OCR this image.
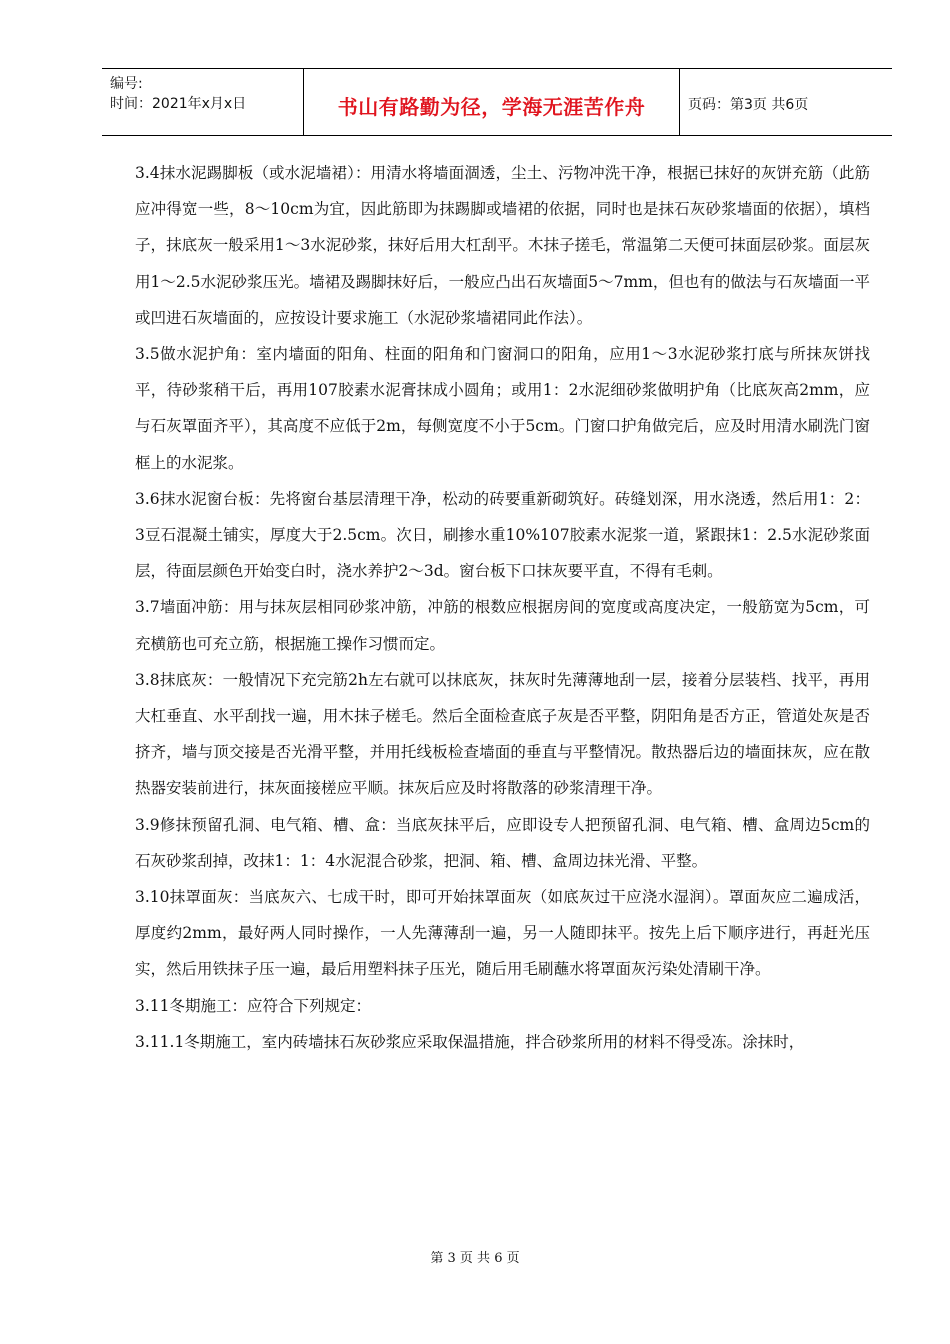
编号:
时间：2021年x月x日	书山有路勤为径，学海无涯苦作舟	页码：第3页 共6页

3.4抹水泥踢脚板（或水泥墙裙）：用清水将墙面涸透，尘土、污物冲洗干净，根据已抹好的灰饼充筋（此筋应冲得宽一些，8～10cm为宜，因此筋即为抹踢脚或墙裙的依据，同时也是抹石灰砂浆墙面的依据），填档子，抹底灰一般采用1～3水泥砂浆，抹好后用大杠刮平。木抹子搓毛，常温第二天便可抹面层砂浆。面层灰用1～2.5水泥砂浆压光。墙裙及踢脚抹好后，一般应凸出石灰墙面5～7mm，但也有的做法与石灰墙面一平或凹进石灰墙面的，应按设计要求施工（水泥砂浆墙裙同此作法）。

3.5做水泥护角：室内墙面的阳角、柱面的阳角和门窗洞口的阳角，应用1～3水泥砂浆打底与所抹灰饼找平，待砂浆稍干后，再用107胶素水泥膏抹成小圆角；或用1：2水泥细砂浆做明护角（比底灰高2mm，应与石灰罩面齐平），其高度不应低于2m，每侧宽度不小于5cm。门窗口护角做完后，应及时用清水刷洗门窗框上的水泥浆。

3.6抹水泥窗台板：先将窗台基层清理干净，松动的砖要重新砌筑好。砖缝划深，用水浇透，然后用1：2：3豆石混凝土铺实，厚度大于2.5cm。次日，刷掺水重10%107胶素水泥浆一道，紧跟抹1：2.5水泥砂浆面层，待面层颜色开始变白时，浇水养护2～3d。窗台板下口抹灰要平直，不得有毛刺。

3.7墙面冲筋：用与抹灰层相同砂浆冲筋，冲筋的根数应根据房间的宽度或高度决定，一般筋宽为5cm，可充横筋也可充立筋，根据施工操作习惯而定。

3.8抹底灰：一般情况下充完筋2h左右就可以抹底灰，抹灰时先薄薄地刮一层，接着分层装档、找平，再用大杠垂直、水平刮找一遍，用木抹子槎毛。然后全面检查底子灰是否平整，阴阳角是否方正，管道处灰是否挤齐，墙与顶交接是否光滑平整，并用托线板检查墙面的垂直与平整情况。散热器后边的墙面抹灰，应在散热器安装前进行，抹灰面接槎应平顺。抹灰后应及时将散落的砂浆清理干净。

3.9修抹预留孔洞、电气箱、槽、盒：当底灰抹平后，应即设专人把预留孔洞、电气箱、槽、盒周边5cm的石灰砂浆刮掉，改抹1：1：4水泥混合砂浆，把洞、箱、槽、盒周边抹光滑、平整。

3.10抹罩面灰：当底灰六、七成干时，即可开始抹罩面灰（如底灰过干应浇水湿润）。罩面灰应二遍成活，厚度约2mm，最好两人同时操作，一人先薄薄刮一遍，另一人随即抹平。按先上后下顺序进行，再赶光压实，然后用铁抹子压一遍，最后用塑料抹子压光，随后用毛刷蘸水将罩面灰污染处清刷干净。

3.11冬期施工：应符合下列规定：

3.11.1冬期施工，室内砖墙抹石灰砂浆应采取保温措施，拌合砂浆所用的材料不得受冻。涂抹时，

第 3 页 共 6 页
